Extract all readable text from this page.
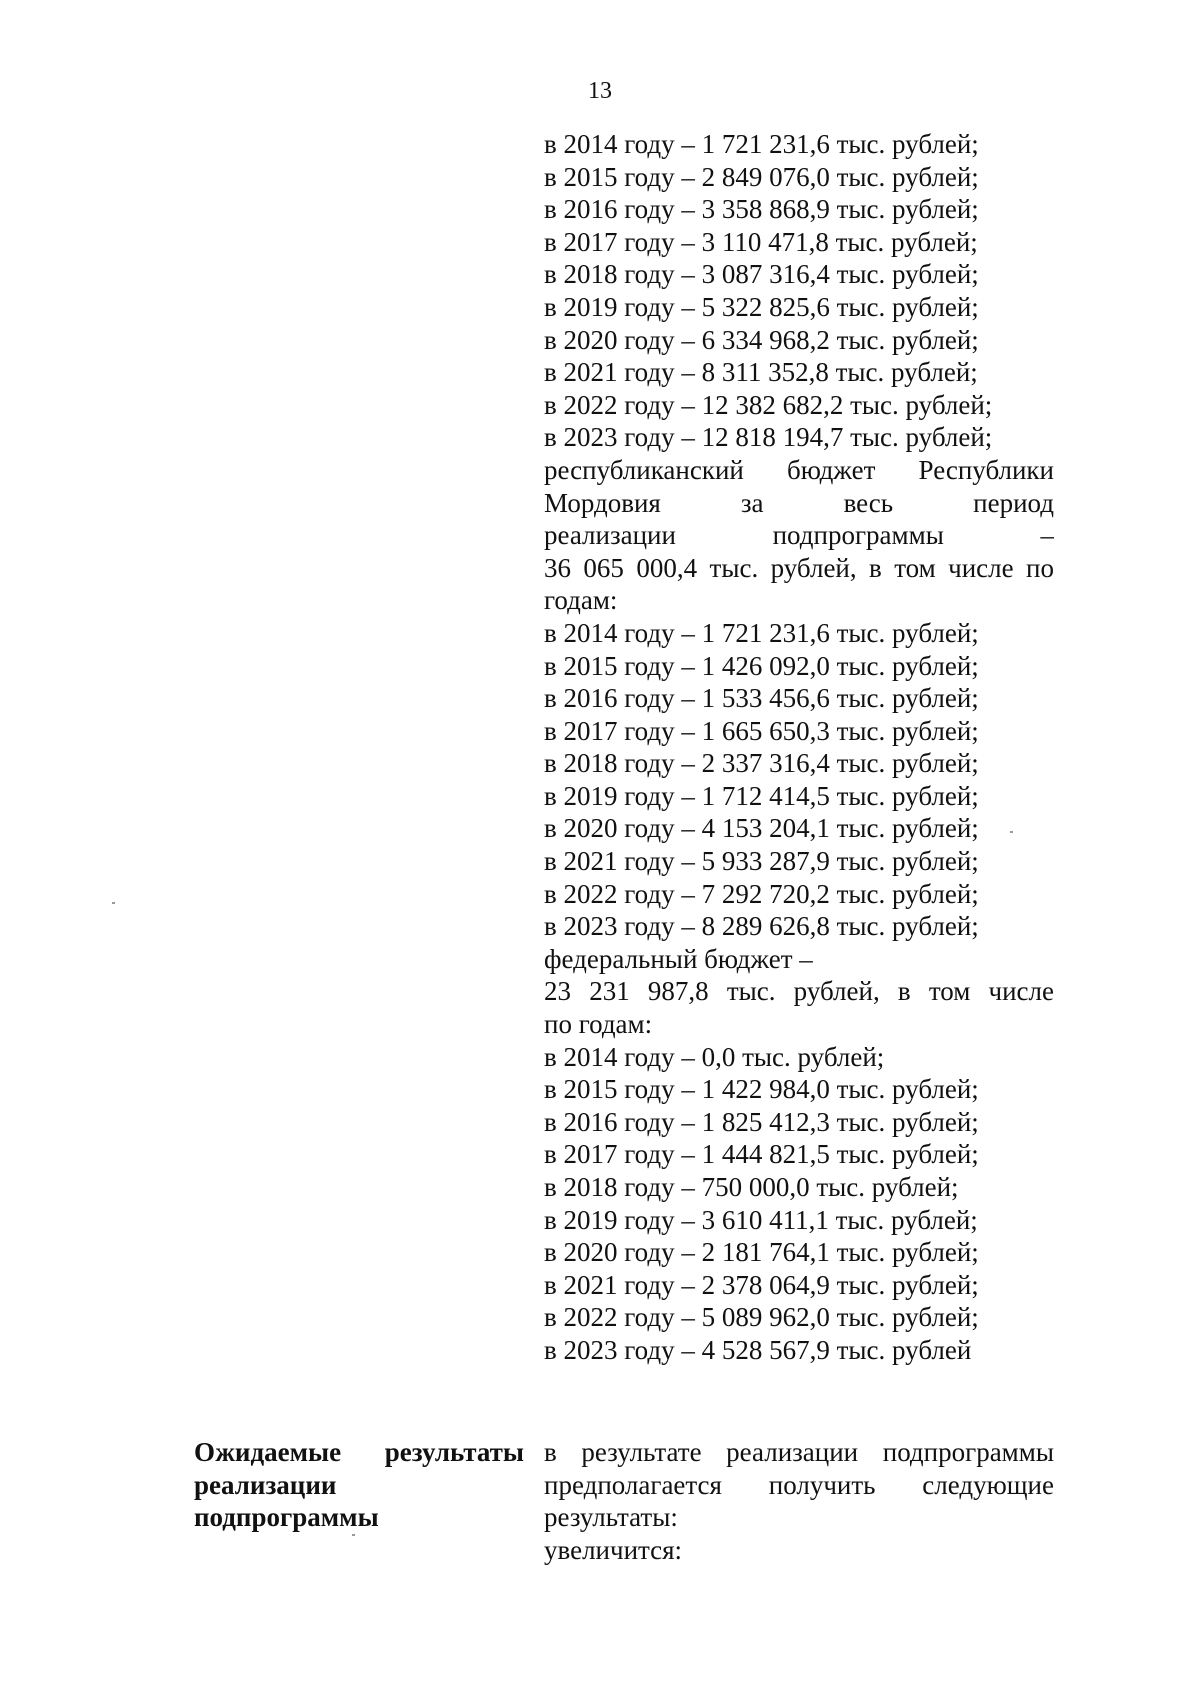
13
в 2014 году – 1 721 231,6 тыс. рублей;
в 2015 году – 2 849 076,0 тыс. рублей;
в 2016 году – 3 358 868,9 тыс. рублей;
в 2017 году – 3 110 471,8 тыс. рублей;
в 2018 году – 3 087 316,4 тыс. рублей;
в 2019 году – 5 322 825,6 тыс. рублей;
в 2020 году – 6 334 968,2 тыс. рублей;
в 2021 году – 8 311 352,8 тыс. рублей;
в 2022 году – 12 382 682,2 тыс. рублей;
в 2023 году – 12 818 194,7 тыс. рублей;
республиканский бюджет Республики
Мордовия за весь период
реализации подпрограммы –
36 065 000,4 тыс. рублей, в том числе по
годам:
в 2014 году – 1 721 231,6 тыс. рублей;
в 2015 году – 1 426 092,0 тыс. рублей;
в 2016 году – 1 533 456,6 тыс. рублей;
в 2017 году – 1 665 650,3 тыс. рублей;
в 2018 году – 2 337 316,4 тыс. рублей;
в 2019 году – 1 712 414,5 тыс. рублей;
в 2020 году – 4 153 204,1 тыс. рублей;
в 2021 году – 5 933 287,9 тыс. рублей;
в 2022 году – 7 292 720,2 тыс. рублей;
в 2023 году – 8 289 626,8 тыс. рублей;
федеральный бюджет –
23 231 987,8 тыс. рублей, в том числе
по годам:
в 2014 году – 0,0 тыс. рублей;
в 2015 году – 1 422 984,0 тыс. рублей;
в 2016 году – 1 825 412,3 тыс. рублей;
в 2017 году – 1 444 821,5 тыс. рублей;
в 2018 году – 750 000,0 тыс. рублей;
в 2019 году – 3 610 411,1 тыс. рублей;
в 2020 году – 2 181 764,1 тыс. рублей;
в 2021 году – 2 378 064,9 тыс. рублей;
в 2022 году – 5 089 962,0 тыс. рублей;
в 2023 году – 4 528 567,9 тыс. рублей
Ожидаемые результаты
реализации
подпрограммы
в результате реализации подпрограммы
предполагается получить следующие
результаты:
увеличится:
